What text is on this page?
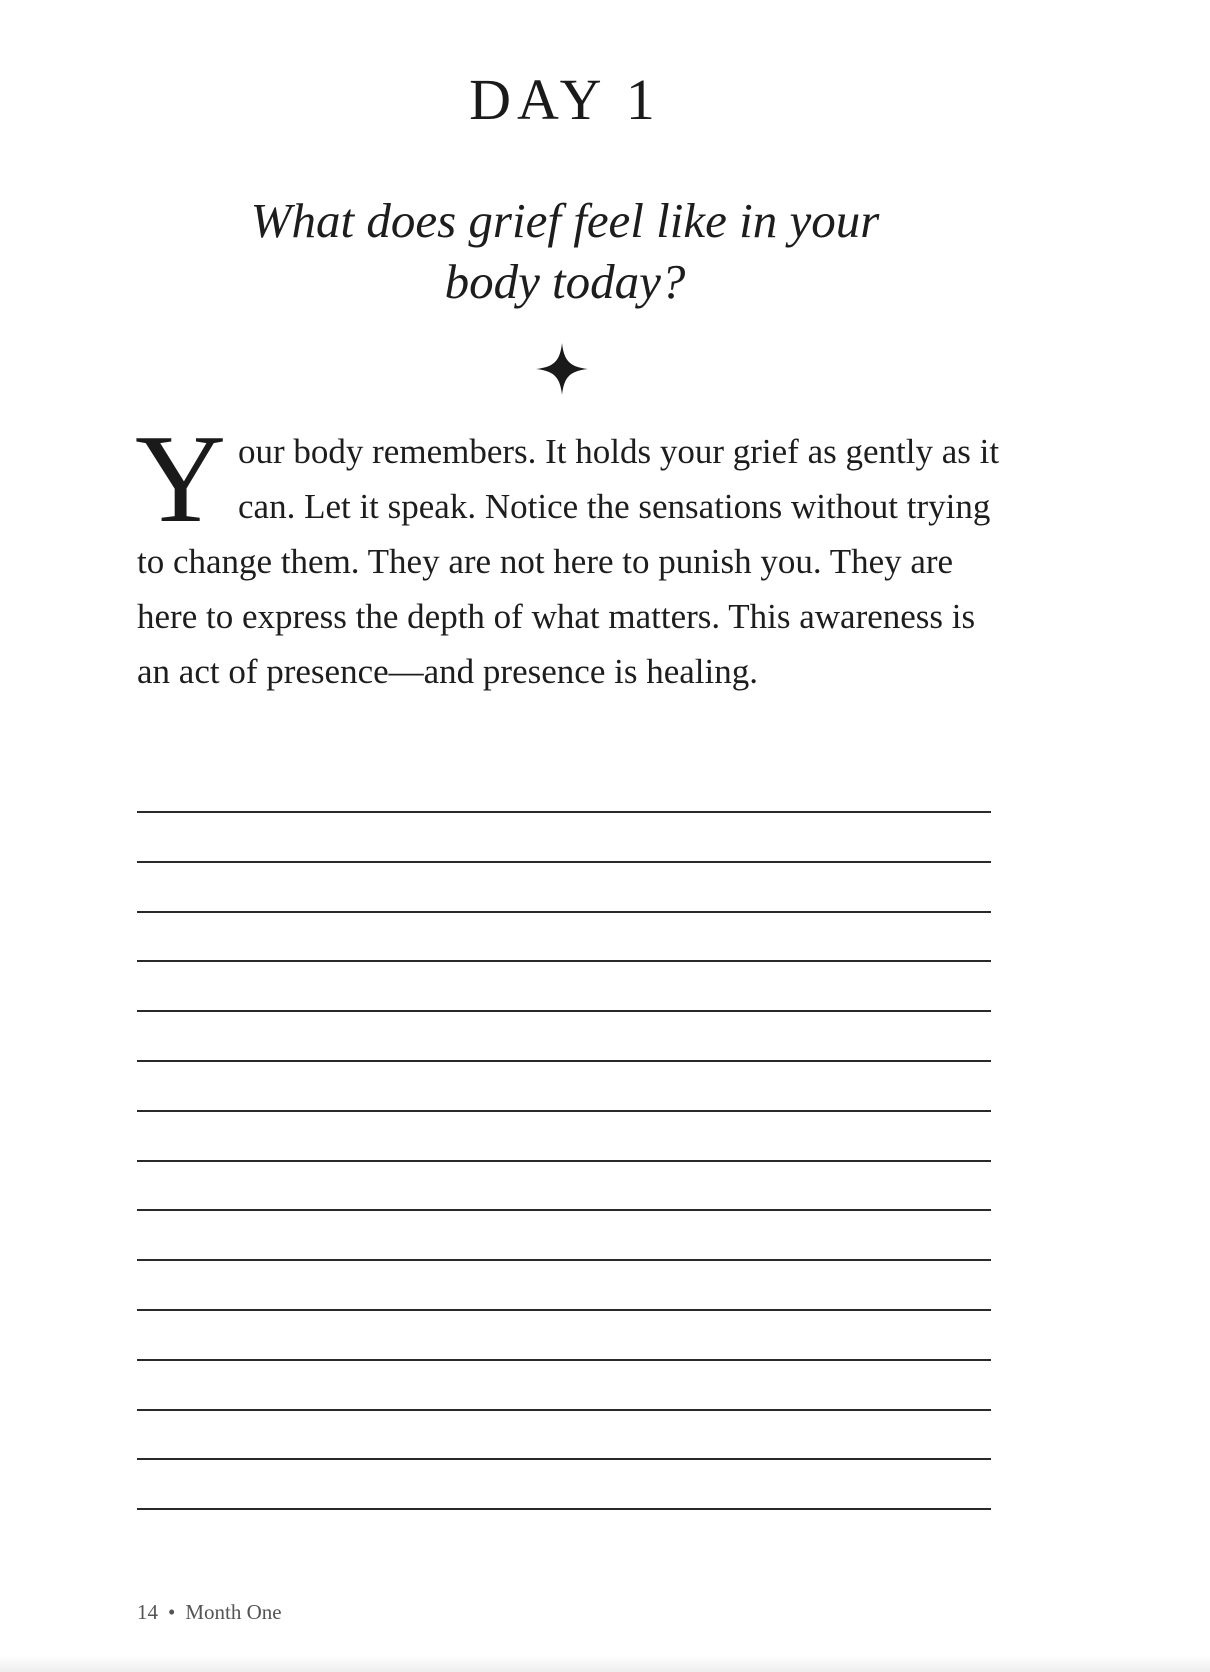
DAY 1

What does grief feel like in your
body today?

Your body remembers. It holds your grief as gently as it can. Let it speak. Notice the sensations without trying to change them. They are not here to punish you. They are here to express the depth of what matters. This awareness is an act of presence—and presence is healing.

14 • Month One
